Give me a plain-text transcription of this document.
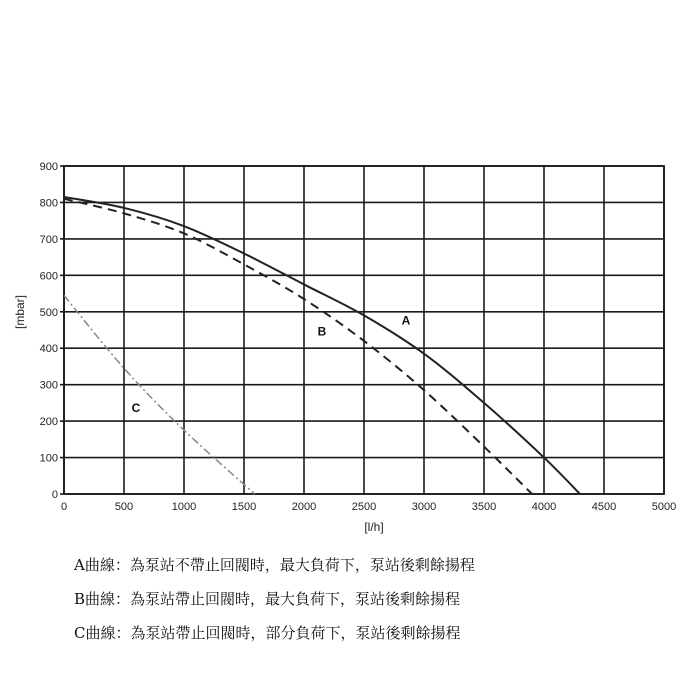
[l/h]
[mbar]
0	500	1000	1500	2000	2500	3000	3500	4000	4500	5000
0
100
200
300
400
500
600
700
800
900
A
B
C
A曲線：為泵站不帶止回閥時，最大負荷下，泵站後剩餘揚程
B曲線：為泵站帶止回閥時，最大負荷下，泵站後剩餘揚程
C曲線：為泵站帶止回閥時，部分負荷下，泵站後剩餘揚程
